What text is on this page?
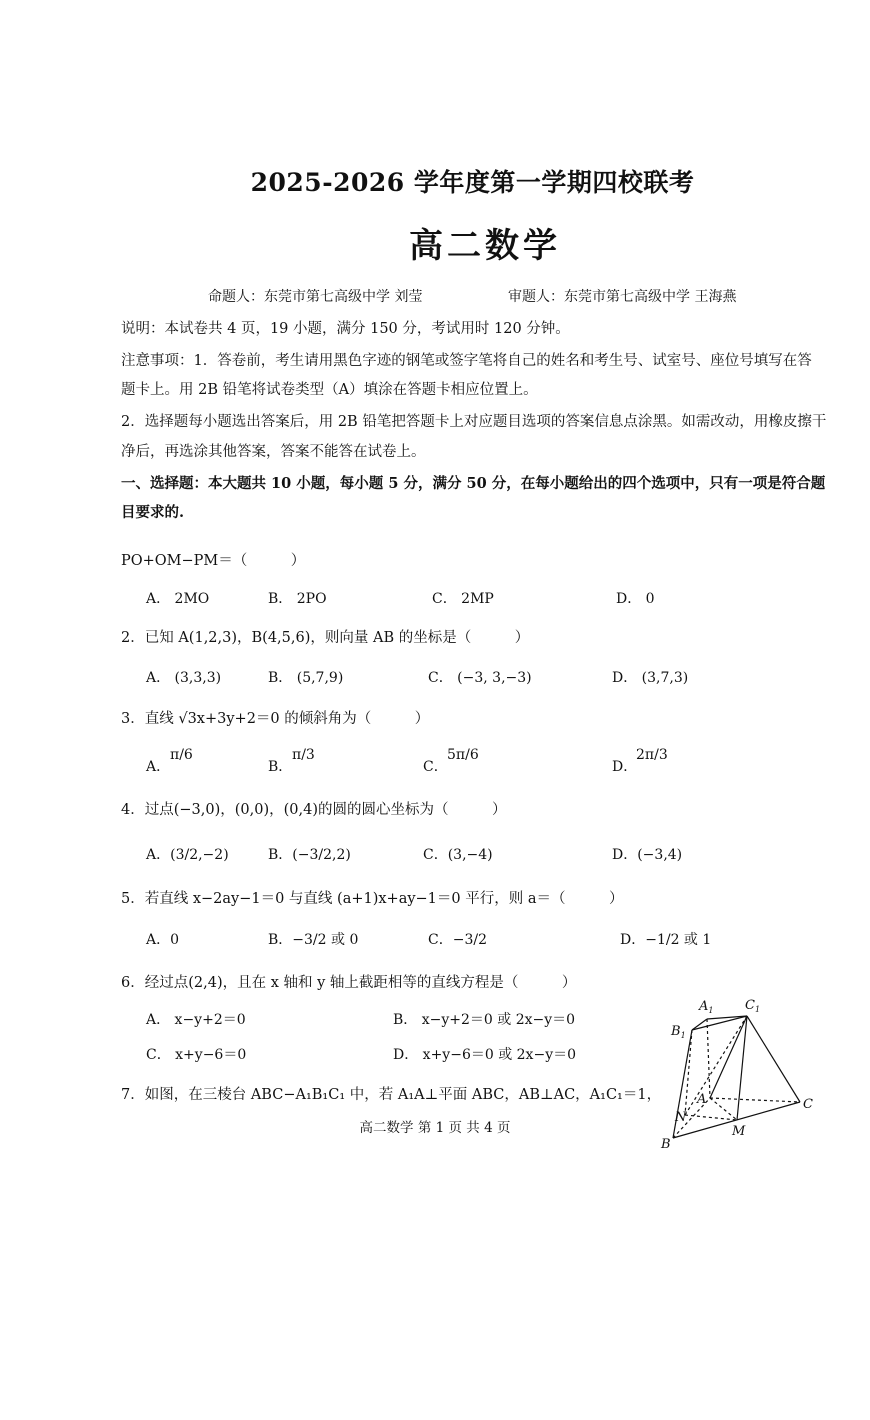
2025-2026 学年度第一学期四校联考
高二数学
命题人：东莞市第七高级中学 刘莹	审题人：东莞市第七高级中学 王海燕
说明：本试卷共 4 页，19 小题，满分 150 分，考试用时 120 分钟。
注意事项：1．答卷前，考生请用黑色字迹的钢笔或签字笔将自己的姓名和考生号、试室号、座位号填写在答
题卡上。用 2B 铅笔将试卷类型（A）填涂在答题卡相应位置上。
2．选择题每小题选出答案后，用 2B 铅笔把答题卡上对应题目选项的答案信息点涂黑。如需改动，用橡皮擦干
净后，再选涂其他答案，答案不能答在试卷上。
一、选择题：本大题共 10 小题，每小题 5 分，满分 50 分，在每小题给出的四个选项中，只有一项是符合题
目要求的.
PO+OM−PM＝（　　　）
A． 2MO	B． 2PO	C． 2MP	D． 0
2．已知 A(1,2,3)，B(4,5,6)，则向量 AB 的坐标是（　　　）
A． (3,3,3)	B． (5,7,9)	C． (−3, 3,−3)	D． (3,7,3)
3．直线 √3x+3y+2＝0 的倾斜角为（　　　）
A．
π/6
B．
π/3
C．
5π/6
D．
2π/3
4．过点(−3,0)，(0,0)，(0,4)的圆的圆心坐标为（　　　）
A．(3/2,−2)	B．(−3/2,2)	C．(3,−4)	D．(−3,4)
5．若直线 x−2ay−1＝0 与直线 (a+1)x+ay−1＝0 平行，则 a＝（　　　）
A．0	B．−3/2 或 0	C．−3/2	D．−1/2 或 1
6．经过点(2,4)，且在 x 轴和 y 轴上截距相等的直线方程是（　　　）
A． x−y+2＝0	B． x−y+2＝0 或 2x−y＝0
C． x+y−6＝0	D． x+y−6＝0 或 2x−y＝0
7．如图，在三棱台 ABC−A₁B₁C₁ 中，若 A₁A⊥平面 ABC，AB⊥AC，A₁C₁＝1，
$A_1$ $C_1$
$B_1$
A	C
N
M
B
高二数学 第 1 页 共 4 页
